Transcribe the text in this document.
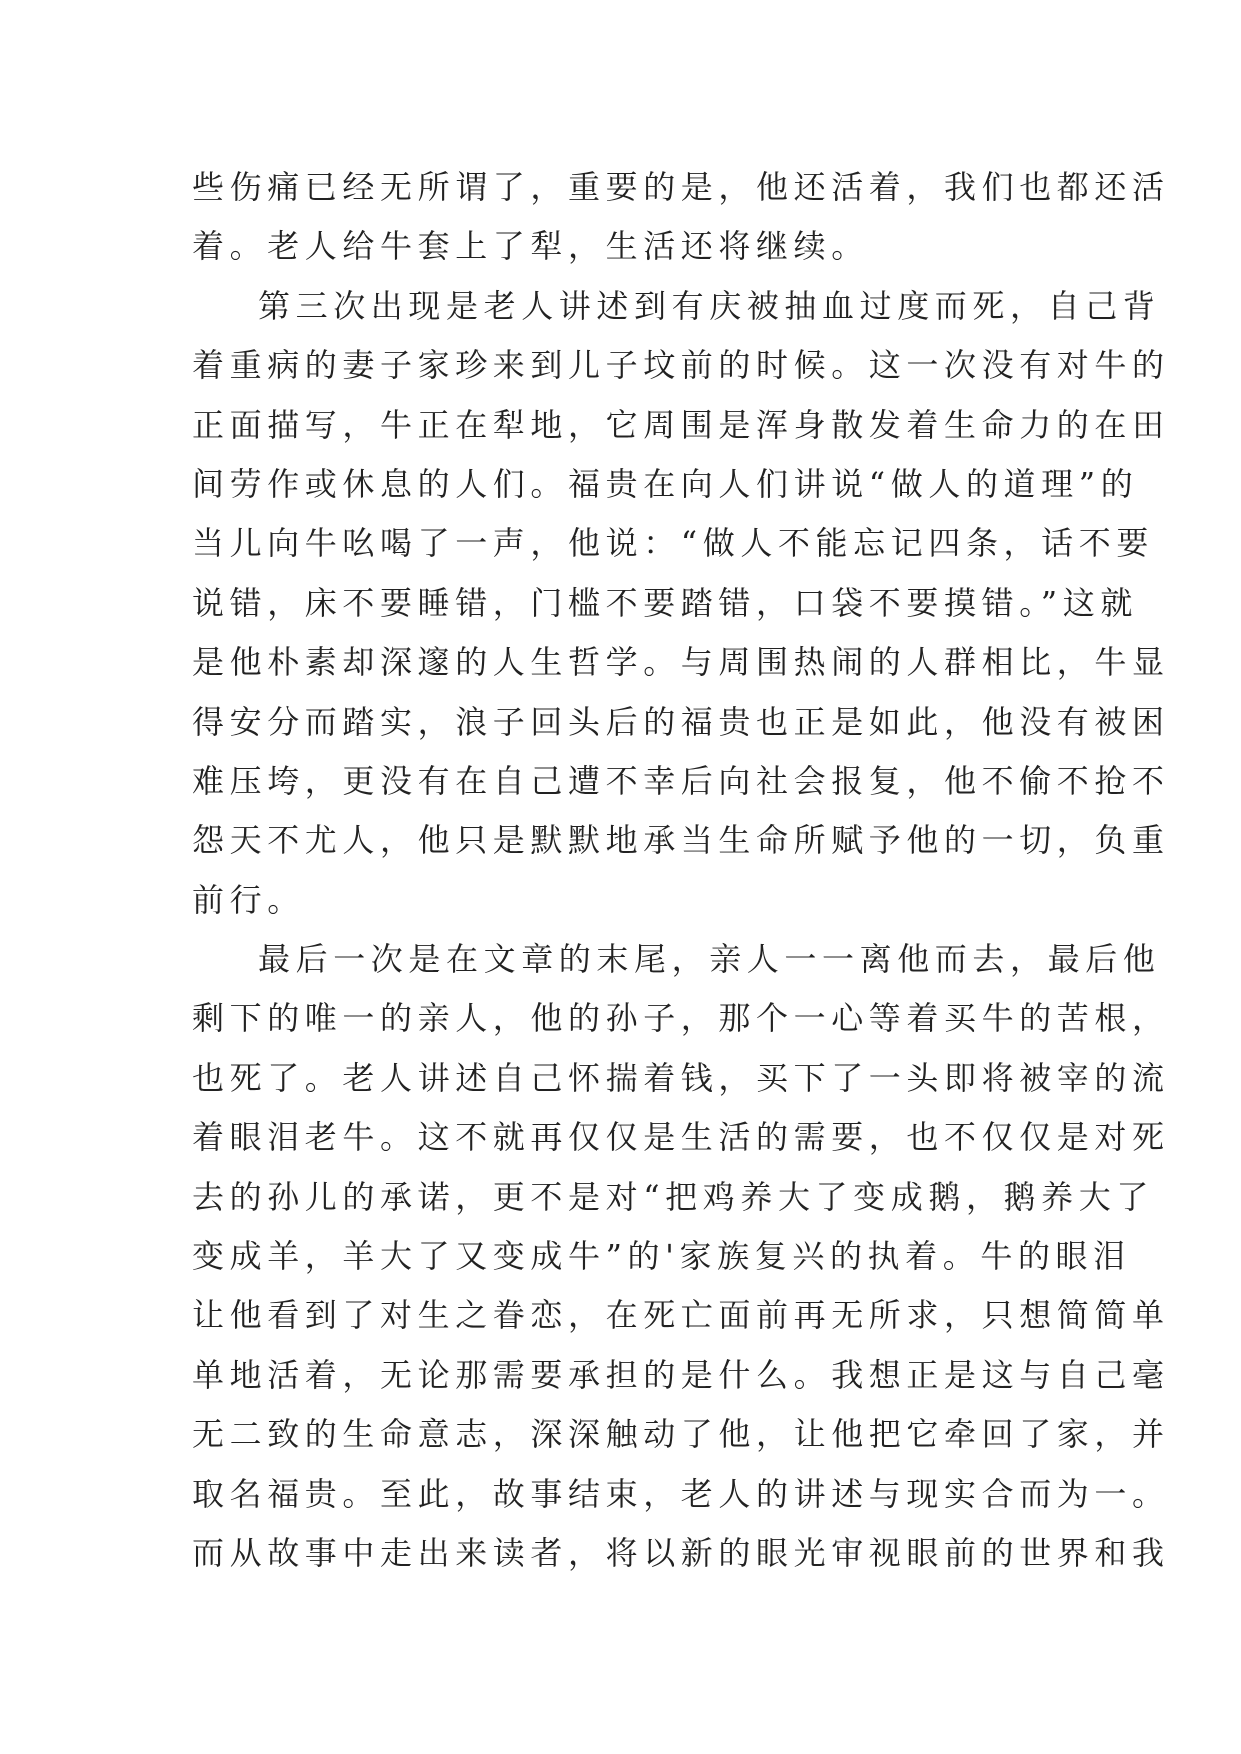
些伤痛已经无所谓了，重要的是，他还活着，我们也都还活
着。老人给牛套上了犁，生活还将继续。
第三次出现是老人讲述到有庆被抽血过度而死，自己背
着重病的妻子家珍来到儿子坟前的时候。这一次没有对牛的
正面描写，牛正在犁地，它周围是浑身散发着生命力的在田
间劳作或休息的人们。福贵在向人们讲说“做人的道理”的
当儿向牛吆喝了一声，他说：“做人不能忘记四条，话不要
说错，床不要睡错，门槛不要踏错，口袋不要摸错。”这就
是他朴素却深邃的人生哲学。与周围热闹的人群相比，牛显
得安分而踏实，浪子回头后的福贵也正是如此，他没有被困
难压垮，更没有在自己遭不幸后向社会报复，他不偷不抢不
怨天不尤人，他只是默默地承当生命所赋予他的一切，负重
前行。
最后一次是在文章的末尾，亲人一一离他而去，最后他
剩下的唯一的亲人，他的孙子，那个一心等着买牛的苦根，
也死了。老人讲述自己怀揣着钱，买下了一头即将被宰的流
着眼泪老牛。这不就再仅仅是生活的需要，也不仅仅是对死
去的孙儿的承诺，更不是对“把鸡养大了变成鹅，鹅养大了
变成羊，羊大了又变成牛”的'家族复兴的执着。牛的眼泪
让他看到了对生之眷恋，在死亡面前再无所求，只想简简单
单地活着，无论那需要承担的是什么。我想正是这与自己毫
无二致的生命意志，深深触动了他，让他把它牵回了家，并
取名福贵。至此，故事结束，老人的讲述与现实合而为一。
而从故事中走出来读者，将以新的眼光审视眼前的世界和我
